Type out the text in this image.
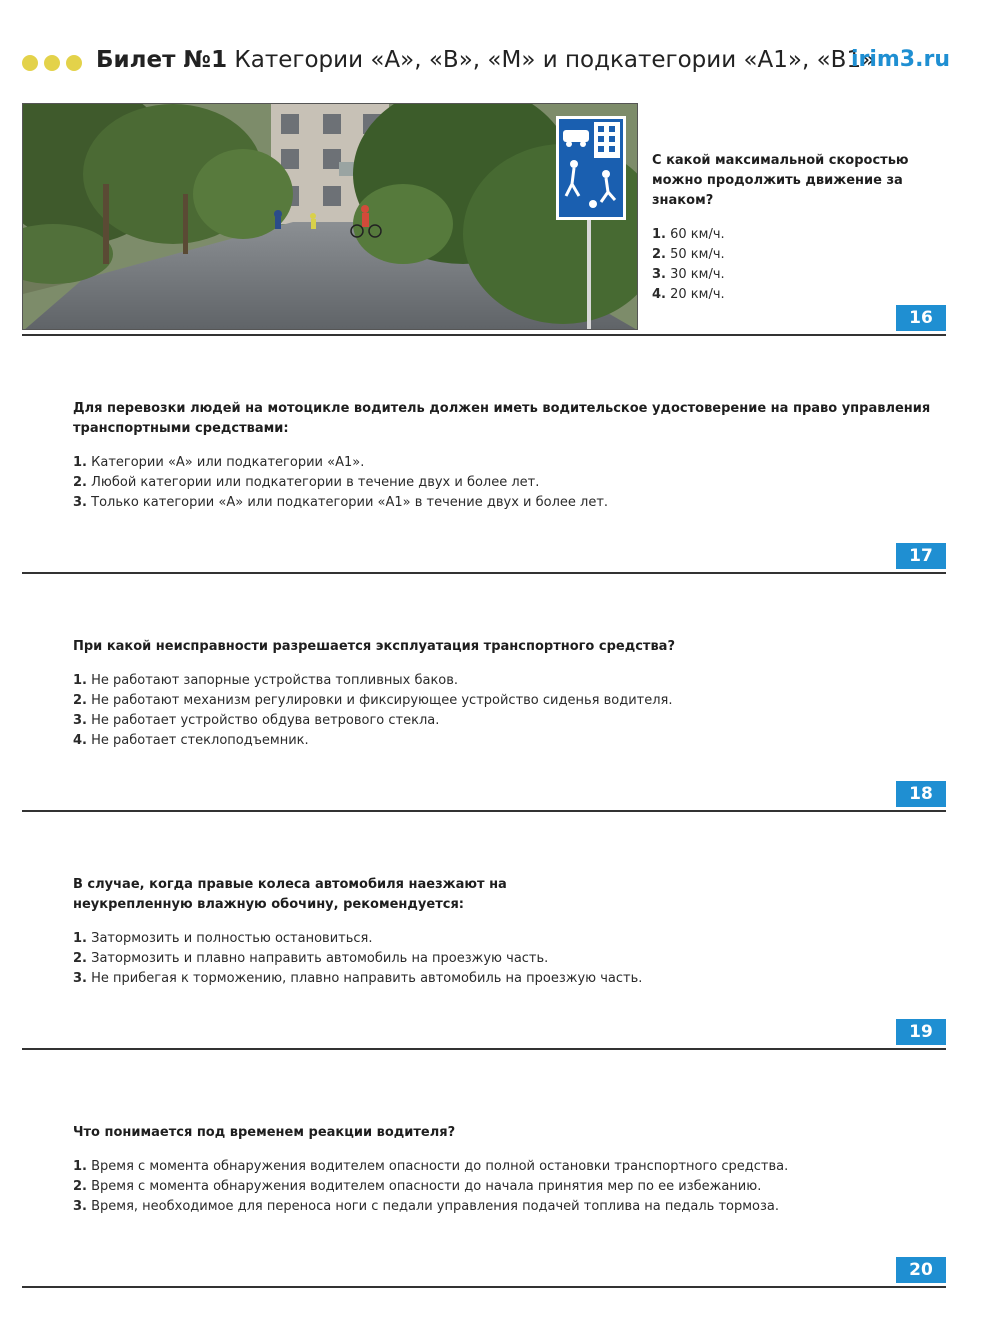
Билет №1 Категории «А», «В», «М» и подкатегории «А1», «В1»
irim3.ru

С какой максимальной скоростью можно продолжить движение за знаком?

1. 60 км/ч.
2. 50 км/ч.
3. 30 км/ч.
4. 20 км/ч.
16

Для перевозки людей на мотоцикле водитель должен иметь водительское удостоверение на право управления транспортными средствами:

1. Категории «А» или подкатегории «А1».
2. Любой категории или подкатегории в течение двух и более лет.
3. Только категории «А» или подкатегории «А1» в течение двух и более лет.
17

При какой неисправности разрешается эксплуатация транспортного средства?

1. Не работают запорные устройства топливных баков.
2. Не работают механизм регулировки и фиксирующее устройство сиденья водителя.
3. Не работает устройство обдува ветрового стекла.
4. Не работает стеклоподъемник.
18

В случае, когда правые колеса автомобиля наезжают на неукрепленную влажную обочину, рекомендуется:

1. Затормозить и полностью остановиться.
2. Затормозить и плавно направить автомобиль на проезжую часть.
3. Не прибегая к торможению, плавно направить автомобиль на проезжую часть.
19

Что понимается под временем реакции водителя?

1. Время с момента обнаружения водителем опасности до полной остановки транспортного средства.
2. Время с момента обнаружения водителем опасности до начала принятия мер по ее избежанию.
3. Время, необходимое для переноса ноги с педали управления подачей топлива на педаль тормоза.
20
